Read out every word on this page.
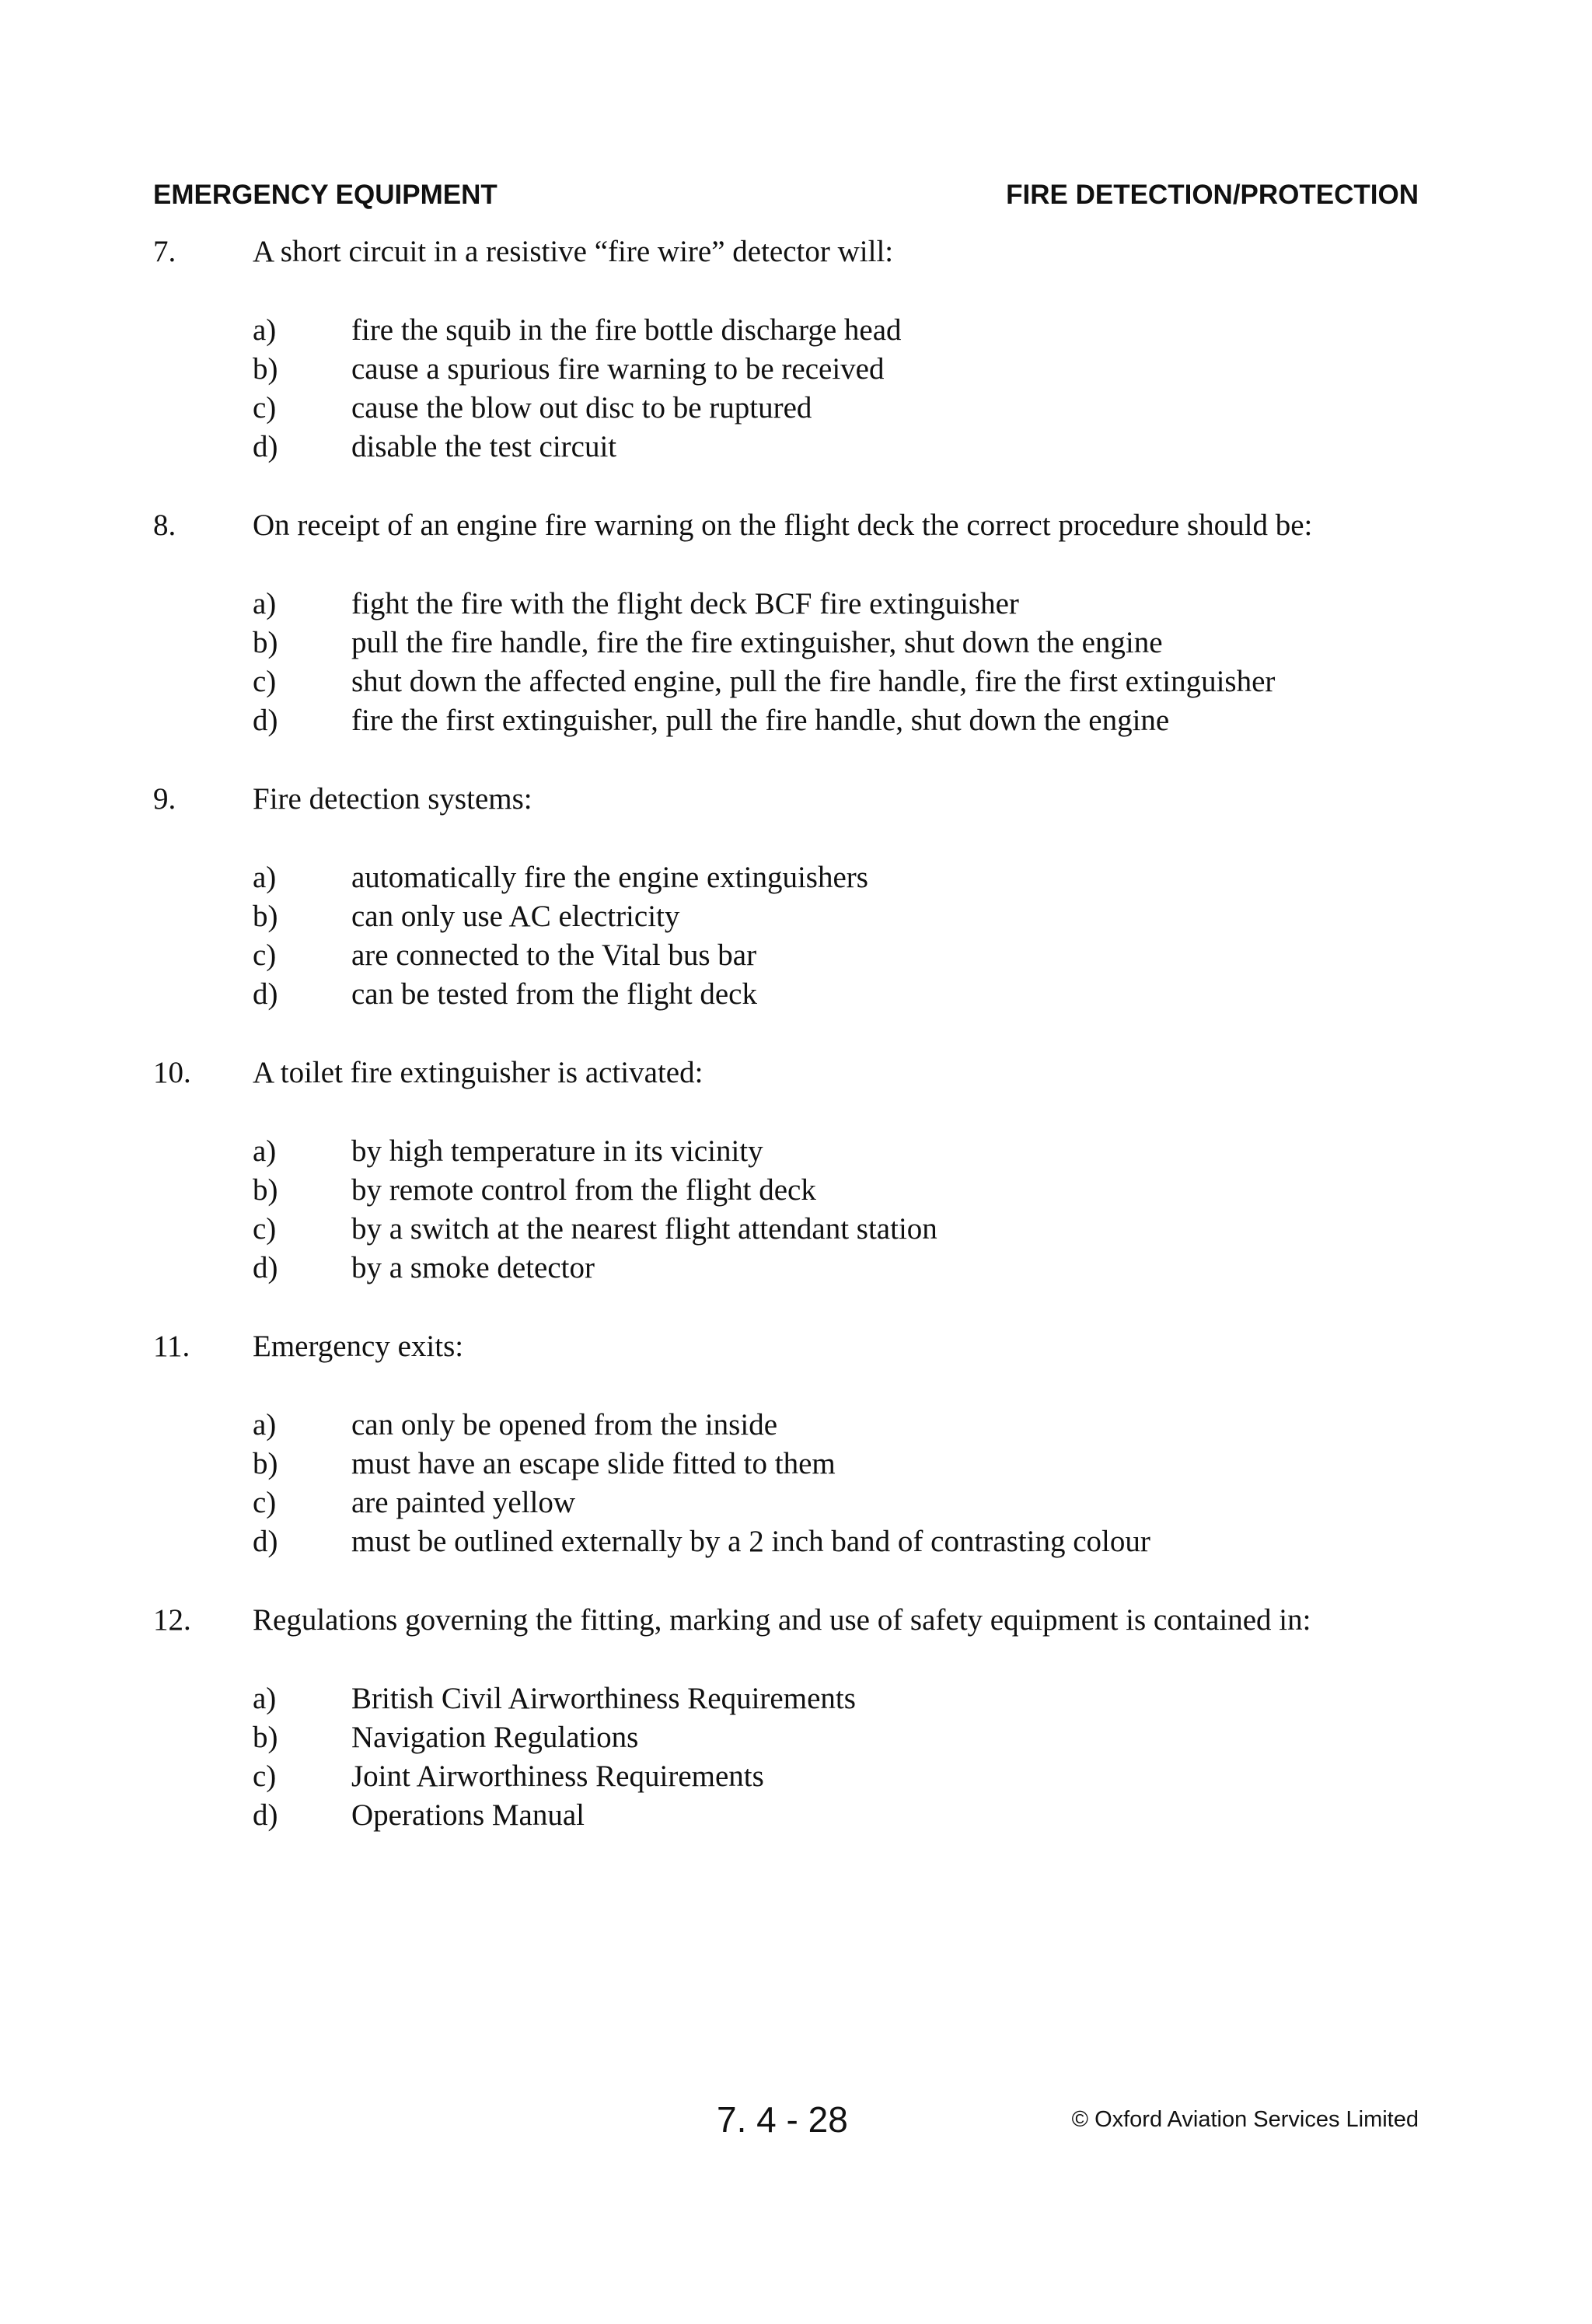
EMERGENCY EQUIPMENT	FIRE DETECTION/PROTECTION
7.	A short circuit in a resistive “fire wire” detector will:
a) fire the squib in the fire bottle discharge head
b) cause a spurious fire warning to be received
c) cause the blow out disc to be ruptured
d) disable the test circuit
8.	On receipt of an engine fire warning on the flight deck the correct procedure should be:
a) fight the fire with the flight deck BCF fire extinguisher
b) pull the fire handle, fire the fire extinguisher, shut down the engine
c) shut down the affected engine, pull the fire handle, fire the first extinguisher
d) fire the first extinguisher, pull the fire handle, shut down the engine
9.	Fire detection systems:
a) automatically fire the engine extinguishers
b) can only use AC electricity
c) are connected to the Vital bus bar
d) can be tested from the flight deck
10. A toilet fire extinguisher is activated:
a) by high temperature in its vicinity
b) by remote control from the flight deck
c) by a switch at the nearest flight attendant station
d) by a smoke detector
11. Emergency exits:
a) can only be opened from the inside
b) must have an escape slide fitted to them
c) are painted yellow
d) must be outlined externally by a 2 inch band of contrasting colour
12. Regulations governing the fitting, marking and use of safety equipment is contained in:
a) British Civil Airworthiness Requirements
b) Navigation Regulations
c) Joint Airworthiness Requirements
d) Operations Manual
7. 4 - 28	© Oxford Aviation Services Limited
